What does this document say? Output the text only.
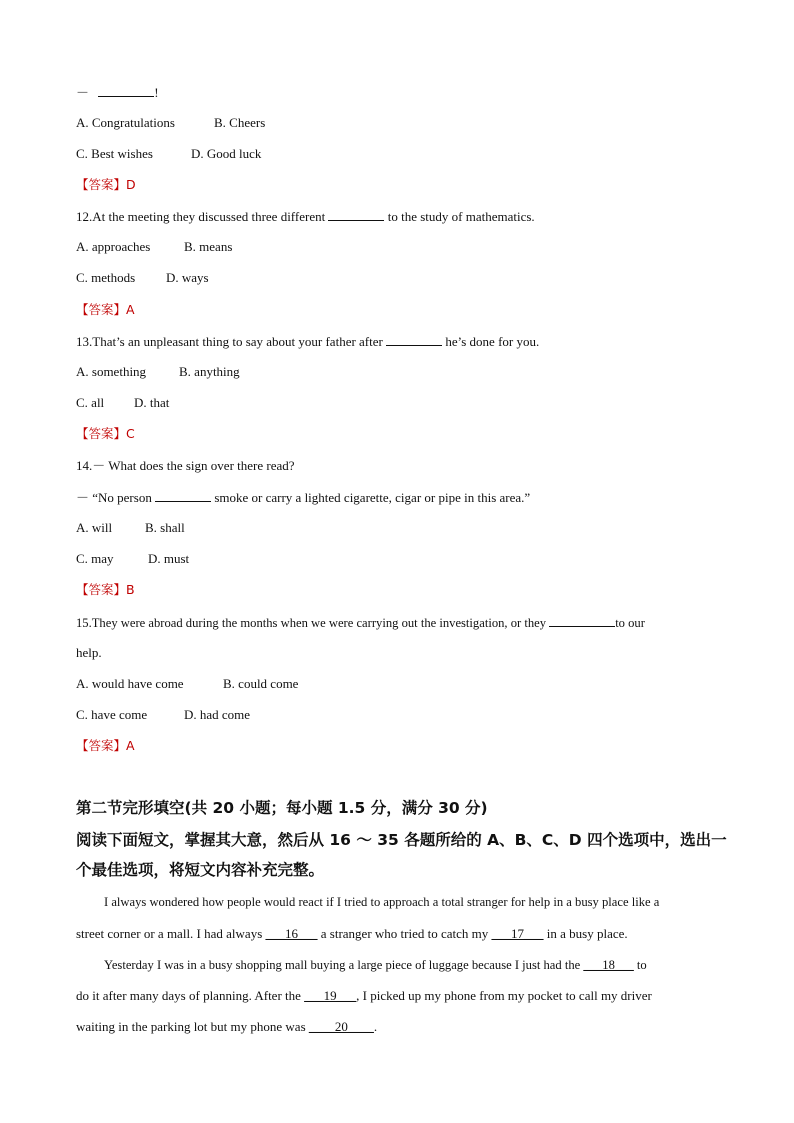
－	!
A. Congratulations	B. Cheers
C. Best wishes	D. Good luck
【答案】D
12.At the meeting they discussed three different	to the study of mathematics.
A. approaches	B. means
C. methods D. ways
【答案】A
13.That’s an unpleasant thing to say about your father after	he’s done for you.
A. something	B. anything
C. all D. that
【答案】C
14.－ What does the sign over there read?
－ “No person	smoke or carry a lighted cigarette, cigar or pipe in this area.”
A. will	B. shall
C. may	D. must
【答案】B
15.They were abroad during the months when we were carrying out the investigation, or they	to our
help.
A. would have come	B. could come
C. have come	D. had come
【答案】A
第二节完形填空(共 20 小题；每小题 1.5 分，满分 30 分)
阅读下面短文，掌握其大意，然后从 16 ～ 35 各题所给的 A、B、C、D 四个选项中，选出一
个最佳选项，将短文内容补充完整。
I always wondered how people would react if I tried to approach a total stranger for help in a busy place like a
street corner or a mall. I had always ___16___ a stranger who tried to catch my ___17___ in a busy place.
Yesterday I was in a busy shopping mall buying a large piece of luggage because I just had the ___18___ to
do it after many days of planning. After the ___19___, I picked up my phone from my pocket to call my driver
waiting in the parking lot but my phone was ____20____.
